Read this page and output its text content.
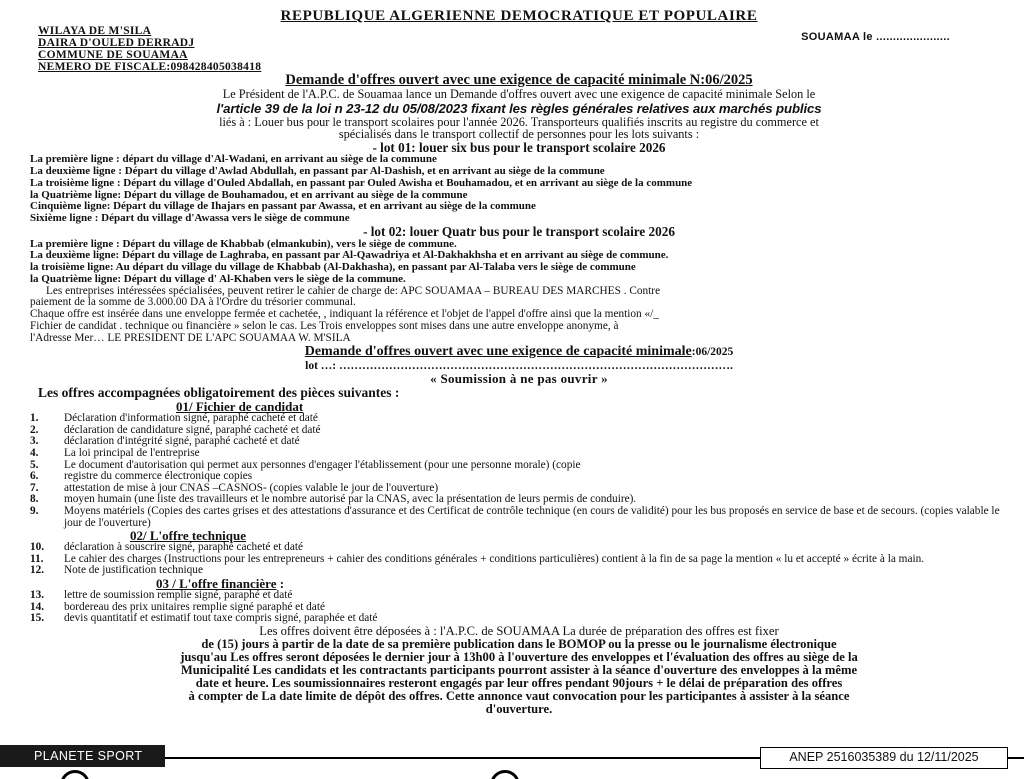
REPUBLIQUE ALGERIENNE DEMOCRATIQUE ET POPULAIRE
WILAYA DE M'SILA
DAIRA D'OULED DERRADJ
COMMUNE DE SOUAMAA
NEMERO DE FISCALE:098428405038418
SOUAMAA le ......................
Demande d'offres ouvert avec une exigence de capacité minimale N:06/2025
Le Président de l'A.P.C. de Souamaa lance un Demande d'offres ouvert avec une exigence de capacité minimale Selon le
l'article 39 de la loi n 23-12 du 05/08/2023 fixant les règles générales relatives aux marchés publics
liés à : Louer bus pour le transport scolaires pour l'année 2026. Transporteurs qualifiés inscrits au registre du commerce et
spécialisés dans le transport collectif de personnes pour les lots suivants :
- lot 01: louer six bus pour le transport scolaire 2026
La première ligne : départ du village d'Al-Wadani, en arrivant au siège de la commune
La deuxième ligne : Départ du village d'Awlad Abdullah, en passant par Al-Dashish, et en arrivant au siège de la commune
La troisième ligne : Départ du village d'Ouled Abdallah, en passant par Ouled Awisha et Bouhamadou, et en arrivant au siège de la commune
la Quatrième ligne: Départ du village de Bouhamadou, et en arrivant au siège de la commune
Cinquième ligne: Départ du village de Ihajars en passant par Awassa, et en arrivant au siège de la commune
Sixième ligne : Départ du village d'Awassa vers le siège de commune
- lot 02: louer Quatr bus pour le transport scolaire 2026
La première ligne : Départ du village de Khabbab (elmankubin), vers le siège de commune.
La deuxième ligne: Départ du village de Laghraba, en passant par Al-Qawadriya et Al-Dakhakhsha et en arrivant au siège de commune.
la troisième ligne: Au départ du village du village de Khabbab (Al-Dakhasha), en passant par Al-Talaba vers le siège de commune
la Quatrième ligne: Départ du village d' Al-Khaben vers le siège de la commune.
Les entreprises intéressées spécialisées, peuvent retirer le cahier de charge de: APC SOUAMAA – BUREAU DES MARCHES . Contre
paiement de la somme de 3.000.00 DA à l'Ordre du trésorier communal.
Chaque offre est insérée dans une enveloppe fermée et cachetée, , indiquant la référence et l'objet de l'appel d'offre ainsi que la mention «/_
Fichier de candidat . technique ou financière » selon le cas. Les Trois enveloppes sont mises dans une autre enveloppe anonyme, à
l'Adresse Mer… LE PRESIDENT DE L'APC SOUAMAA W. M'SILA
Demande d'offres ouvert avec une exigence de capacité minimale:06/2025
lot …: ………………………………………………………………………………………….
« Soumission à ne pas ouvrir »
Les offres accompagnées obligatoirement des pièces suivantes :
01/ Fichier de candidat
1.	Déclaration d'information signé, paraphé cacheté et daté
2.	déclaration de candidature signé, paraphé cacheté et daté
3.	déclaration d'intégrité signé, paraphé cacheté et daté
4.	La loi principal de l'entreprise
5.	Le document d'autorisation qui permet aux personnes d'engager l'établissement (pour une personne morale) (copie
6.	registre du commerce électronique copies
7.	attestation de mise à jour CNAS –CASNOS- (copies valable le jour de l'ouverture)
8.	moyen humain (une liste des travailleurs et le nombre autorisé par la CNAS, avec la présentation de leurs permis de conduire).
9.	Moyens matériels (Copies des cartes grises et des attestations d'assurance et des Certificat de contrôle technique (en cours de validité) pour les bus proposés en service de base et de secours. (copies valable le jour de l'ouverture)
02/ L'offre technique
10.	déclaration à souscrire signé, paraphé cacheté et daté
11.	Le cahier des charges (Instructions pour les entrepreneurs + cahier des conditions générales + conditions particulières) contient à la fin de sa page la mention « lu et accepté » écrite à la main.
12.	Note de justification technique
03 / L'offre financière :
13.	lettre de soumission remplie signé, paraphé et daté
14.	bordereau des prix unitaires remplie signé paraphé et daté
15.	devis quantitatif et estimatif tout taxe compris signé, paraphée et daté
Les offres doivent être déposées à : l'A.P.C. de SOUAMAA La durée de préparation des offres est fixer
de (15) jours à partir de la date de sa première publication dans le BOMOP ou la presse ou le journalisme électronique
jusqu'au Les offres seront déposées le dernier jour à 13h00 à l'ouverture des enveloppes et l'évaluation des offres au siège de la
Municipalité Les candidats et les contractants participants pourront assister à la séance d'ouverture des enveloppes à la même
date et heure. Les soumissionnaires resteront engagés par leur offres pendant 90jours + le délai de préparation des offres
à compter de La date limite de dépôt des offres. Cette annonce vaut convocation pour les participantes à assister à la séance
d'ouverture.
PLANETE SPORT	ANEP 2516035389 du 12/11/2025
